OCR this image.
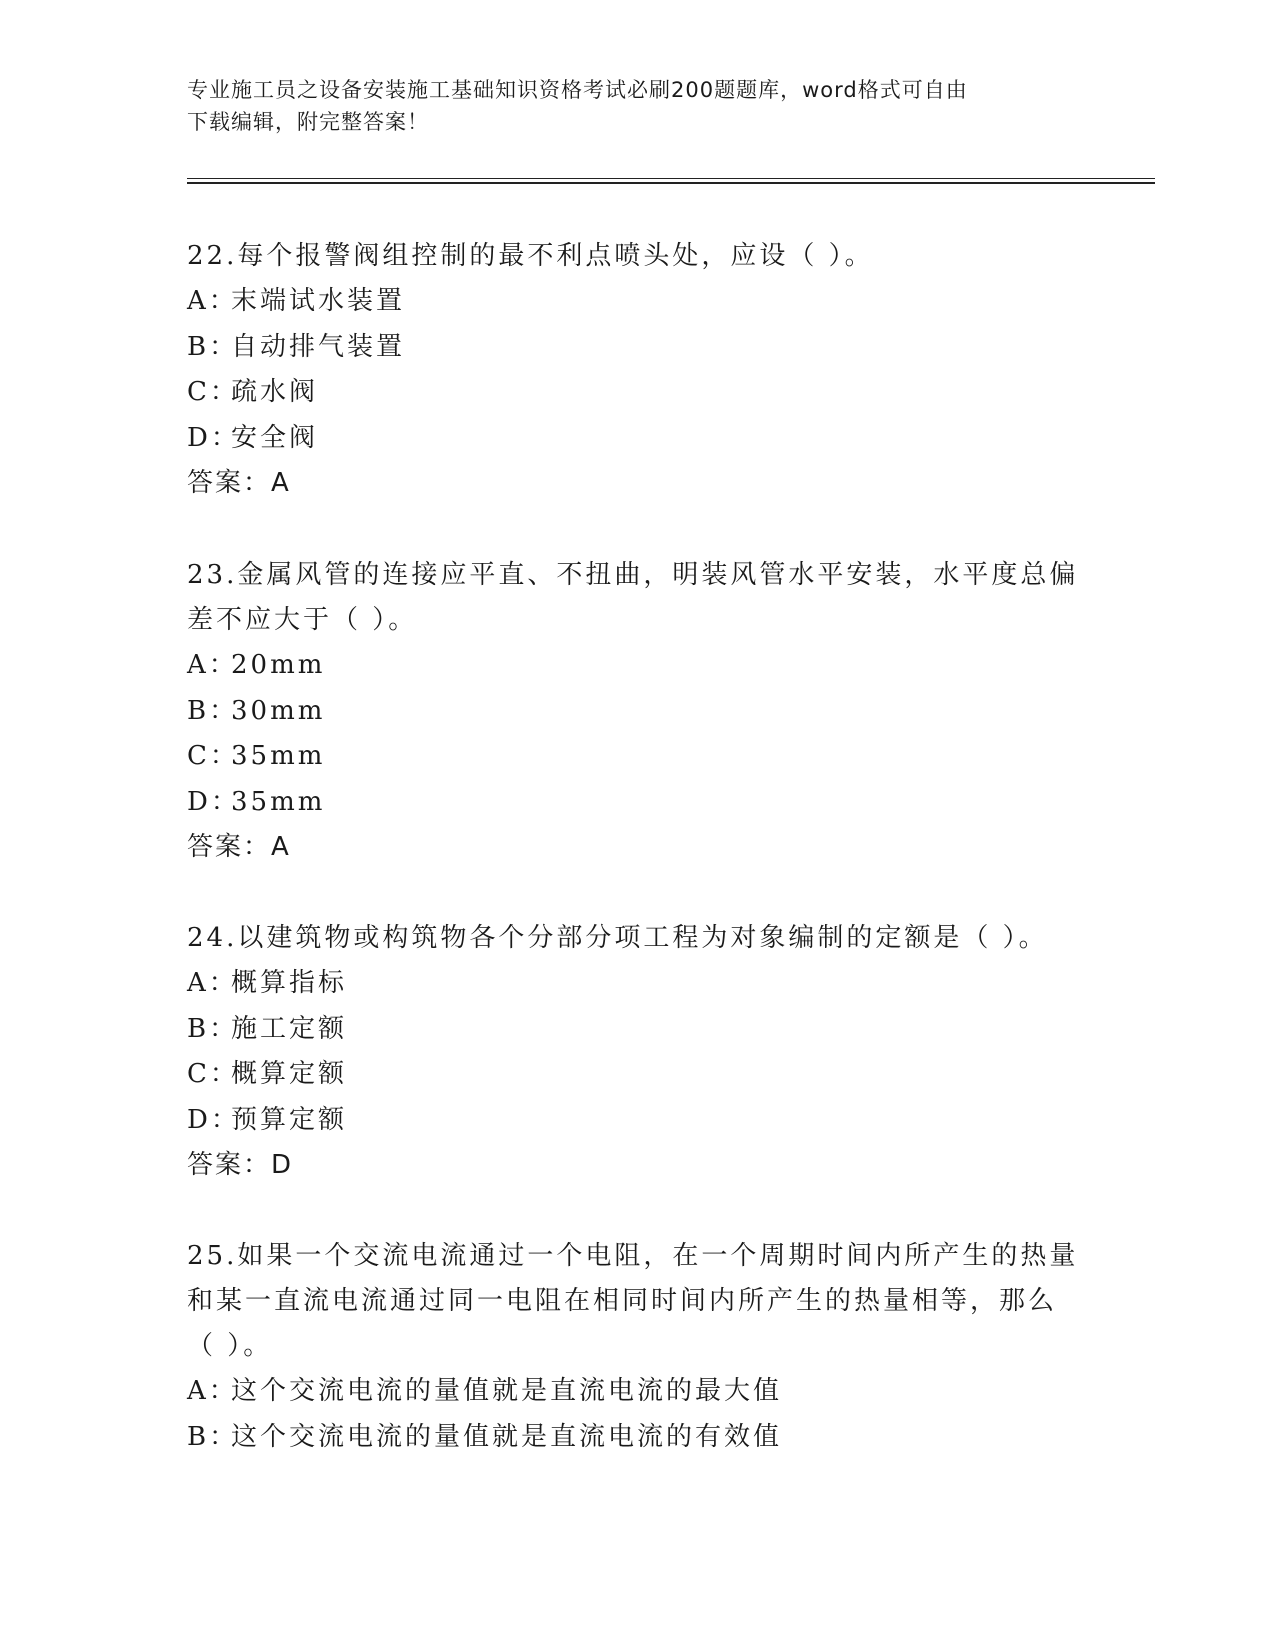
专业施工员之设备安装施工基础知识资格考试必刷200题题库，word格式可自由
下载编辑，附完整答案！

22.每个报警阀组控制的最不利点喷头处，应设（ ）。

A：末端试水装置

B：自动排气装置

C：疏水阀

D：安全阀

答案：A

23.金属风管的连接应平直、不扭曲，明装风管水平安装，水平度总偏

差不应大于（ ）。

A：20mm

B：30mm

C：35mm

D：35mm

答案：A

24.以建筑物或构筑物各个分部分项工程为对象编制的定额是（ ）。

A：概算指标

B：施工定额

C：概算定额

D：预算定额

答案：D

25.如果一个交流电流通过一个电阻，在一个周期时间内所产生的热量

和某一直流电流通过同一电阻在相同时间内所产生的热量相等，那么

（ ）。

A：这个交流电流的量值就是直流电流的最大值

B：这个交流电流的量值就是直流电流的有效值
